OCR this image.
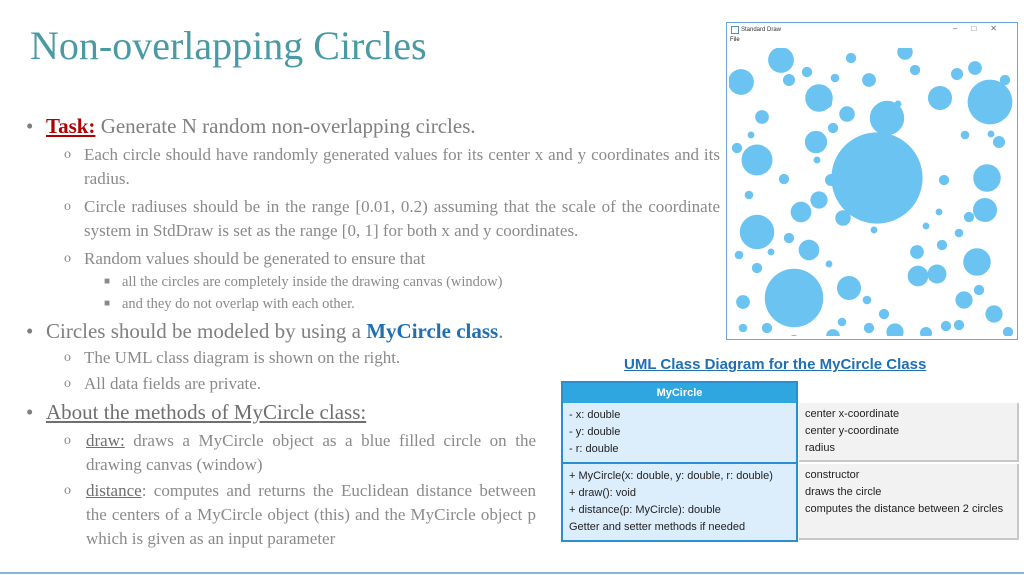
Non-overlapping Circles
• Task: Generate N random non-overlapping circles.
o Each circle should have randomly generated values for its center x and y coordinates and its radius.
o Circle radiuses should be in the range [0.01, 0.2) assuming that the scale of the coordinate system in StdDraw is set as the range [0, 1] for both x and y coordinates.
o Random values should be generated to ensure that
■ all the circles are completely inside the drawing canvas (window)
■ and they do not overlap with each other.
• Circles should be modeled by using a MyCircle class.
o The UML class diagram is shown on the right.
o All data fields are private.
• About the methods of MyCircle class:
o draw: draws a MyCircle object as a blue filled circle on the drawing canvas (window)
o distance: computes and returns the Euclidean distance between the centers of a MyCircle object (this) and the MyCircle object p which is given as an input parameter
Standard Draw	–□✕
File
UML Class Diagram for the MyCircle Class
MyCircle
- x: double
- y: double
- r: double
+ MyCircle(x: double, y: double, r: double)
+ draw(): void
+ distance(p: MyCircle): double
Getter and setter methods if needed
center x-coordinate
center y-coordinate
radius
constructor
draws the circle
computes the distance between 2 circles
